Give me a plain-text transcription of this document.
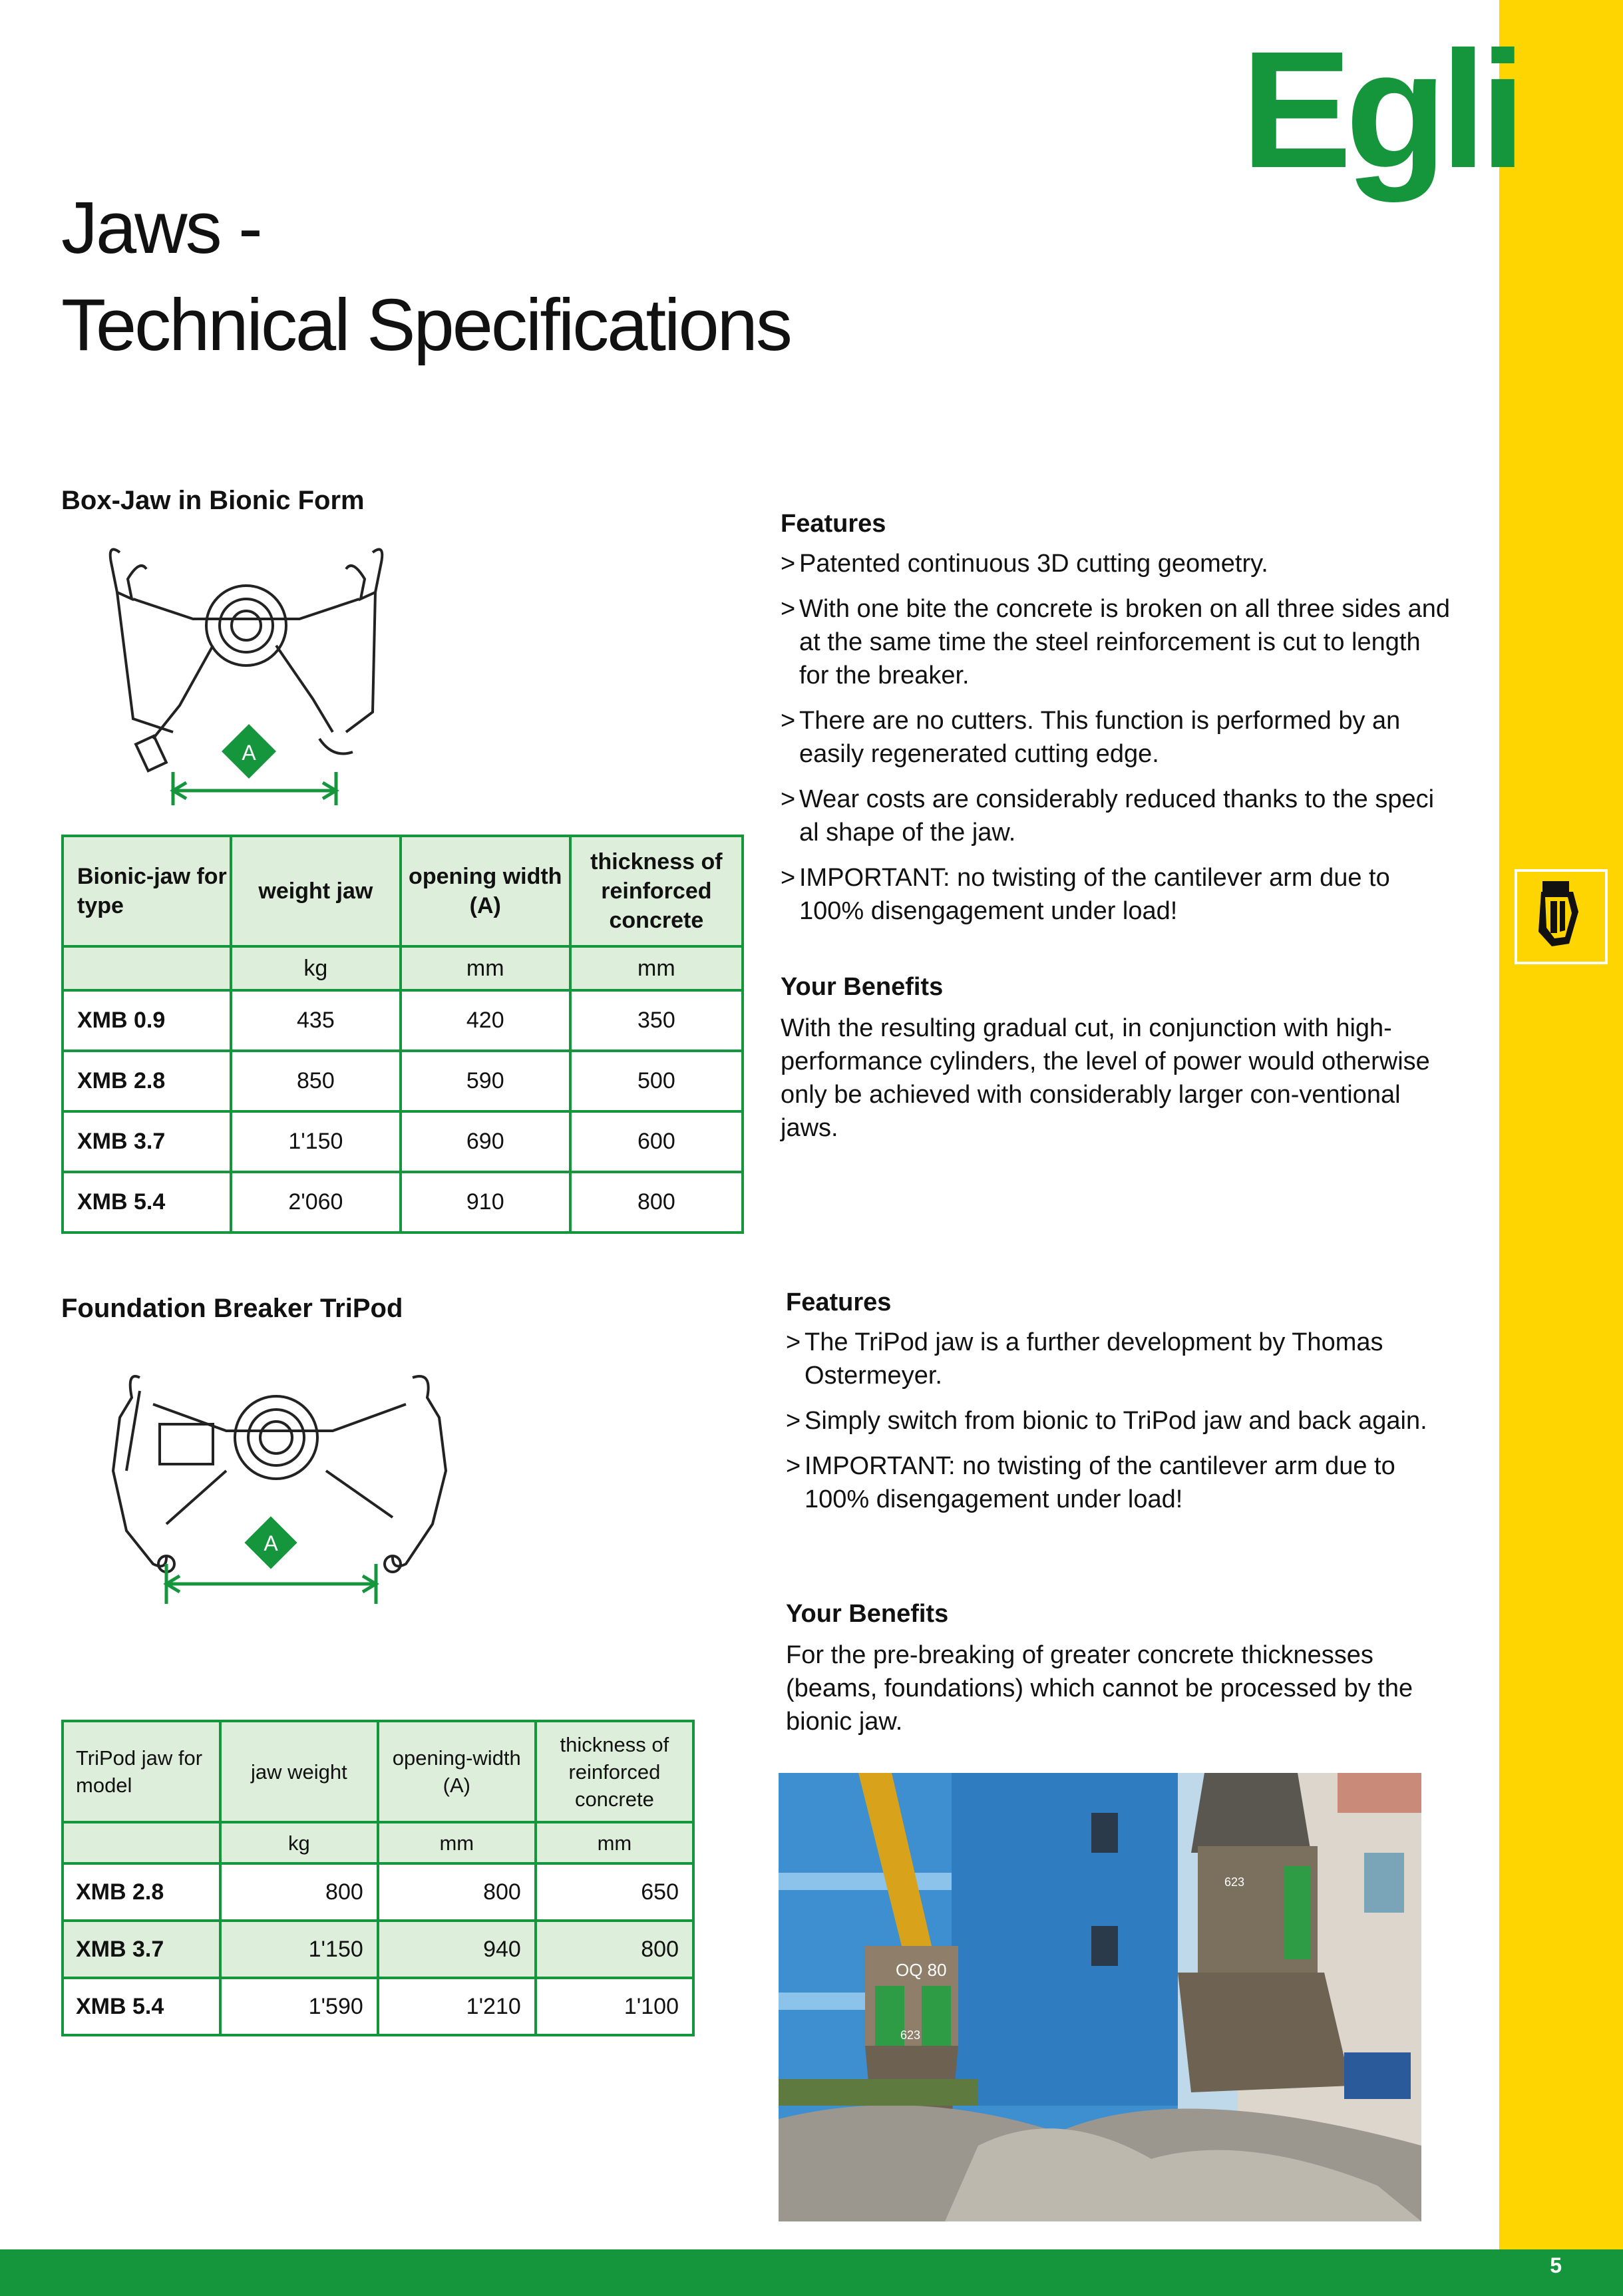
5
Egli
Jaws -
Technical Specifications
Box-Jaw in Bionic Form
A
Bionic-jaw for type	weight jaw	opening width (A)	thickness of reinforced concrete
	kg	mm	mm
XMB 0.9	435	420	350
XMB 2.8	850	590	500
XMB 3.7	1'150	690	600
XMB 5.4	2'060	910	800
Features
> Patented continuous 3D cutting geometry.
> With one bite the concrete is broken on all three sides and at the same time the steel reinforcement is cut to length for the breaker.
> There are no cutters. This function is performed by an easily regenerated cutting edge.
> Wear costs are considerably reduced thanks to the speci al shape of the jaw.
> IMPORTANT: no twisting of the cantilever arm due to 100% disengagement under load!
Your Benefits

With the resulting gradual cut, in conjunction with high-performance cylinders, the level of power would otherwise only be achieved with considerably larger con-ventional jaws.

Foundation Breaker TriPod
A
TriPod jaw for model	jaw weight	opening-width (A)	thickness of reinforced concrete
	kg	mm	mm
XMB 2.8	800	800	650
XMB 3.7	1'150	940	800
XMB 5.4	1'590	1'210	1'100
Features
> The TriPod jaw is a further development by Thomas Ostermeyer.
> Simply switch from bionic to TriPod jaw and back again.
> IMPORTANT: no twisting of the cantilever arm due to 100% disengagement under load!
Your Benefits

For the pre-breaking of greater concrete thicknesses (beams, foundations) which cannot be processed by the bionic jaw.

OQ 80
623
623
